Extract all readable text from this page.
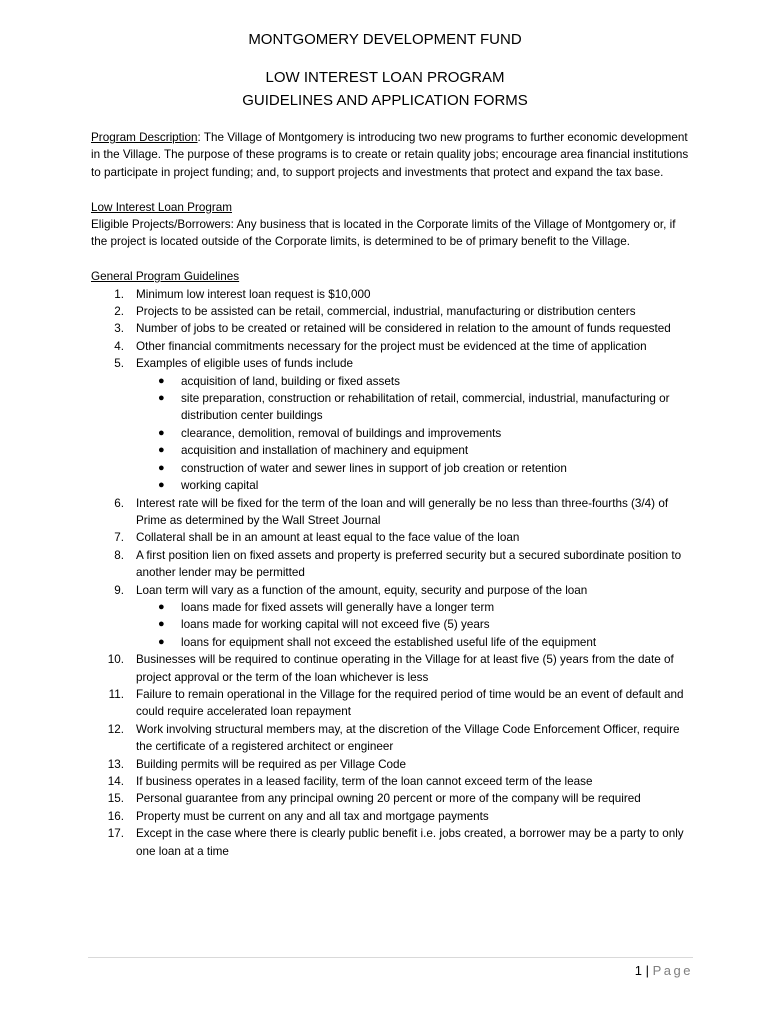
MONTGOMERY DEVELOPMENT FUND
LOW INTEREST LOAN PROGRAM
GUIDELINES AND APPLICATION FORMS

Program Description: The Village of Montgomery is introducing two new programs to further economic development in the Village. The purpose of these programs is to create or retain quality jobs; encourage area financial institutions to participate in project funding; and, to support projects and investments that protect and expand the tax base.

Low Interest Loan Program

Eligible Projects/Borrowers: Any business that is located in the Corporate limits of the Village of Montgomery or, if the project is located outside of the Corporate limits, is determined to be of primary benefit to the Village.

General Program Guidelines

1. Minimum low interest loan request is $10,000
2. Projects to be assisted can be retail, commercial, industrial, manufacturing or distribution centers
3. Number of jobs to be created or retained will be considered in relation to the amount of funds requested
4. Other financial commitments necessary for the project must be evidenced at the time of application
5. Examples of eligible uses of funds include
● acquisition of land, building or fixed assets
● site preparation, construction or rehabilitation of retail, commercial, industrial, manufacturing or distribution center buildings
● clearance, demolition, removal of buildings and improvements
● acquisition and installation of machinery and equipment
● construction of water and sewer lines in support of job creation or retention
● working capital
6. Interest rate will be fixed for the term of the loan and will generally be no less than three-fourths (3/4) of Prime as determined by the Wall Street Journal
7. Collateral shall be in an amount at least equal to the face value of the loan
8. A first position lien on fixed assets and property is preferred security but a secured subordinate position to another lender may be permitted
9. Loan term will vary as a function of the amount, equity, security and purpose of the loan
● loans made for fixed assets will generally have a longer term
● loans made for working capital will not exceed five (5) years
● loans for equipment shall not exceed the established useful life of the equipment
10. Businesses will be required to continue operating in the Village for at least five (5) years from the date of project approval or the term of the loan whichever is less
11. Failure to remain operational in the Village for the required period of time would be an event of default and could require accelerated loan repayment
12. Work involving structural members may, at the discretion of the Village Code Enforcement Officer, require the certificate of a registered architect or engineer
13. Building permits will be required as per Village Code
14. If business operates in a leased facility, term of the loan cannot exceed term of the lease
15. Personal guarantee from any principal owning 20 percent or more of the company will be required
16. Property must be current on any and all tax and mortgage payments
17. Except in the case where there is clearly public benefit i.e. jobs created, a borrower may be a party to only one loan at a time
1 | Page
